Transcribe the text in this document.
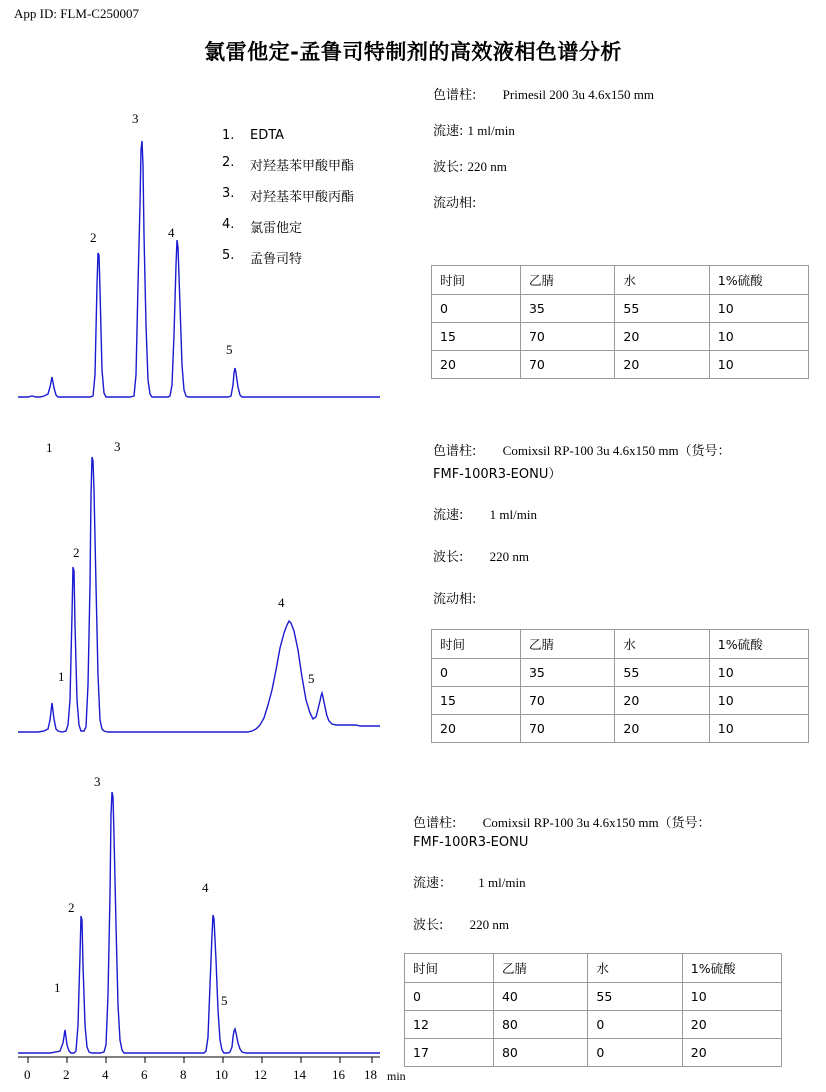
App ID: FLM-C250007
氯雷他定-孟鲁司特制剂的高效液相色谱分析
1.	EDTA
2.	对羟基苯甲酸甲酯
3.	对羟基苯甲酸丙酯
4.	氯雷他定
5.	孟鲁司特
色谱柱: Primesil 200 3u 4.6x150 mm
流速: 1 ml/min
波长: 220 nm
流动相:
时间	乙腈	水	1%硫酸
0	35	55	10
15	70	20	10
20	70	20	10
色谱柱: Comixsil RP-100 3u 4.6x150 mm（货号：
FMF-100R3-EONU）
流速: 1 ml/min
波长: 220 nm
流动相:
时间	乙腈	水	1%硫酸
0	35	55	10
15	70	20	10
20	70	20	10
色谱柱: Comixsil RP-100 3u 4.6x150 mm（货号：
FMF-100R3-EONU
流速： 1 ml/min
波长: 220 nm
时间	乙腈	水	1%硫酸
0	40	55	10
12	80	0	20
17	80	0	20
1
2
3
4
5
1
2
3
4
5
1
2
3
4
5
0	2	4	6	8 10 12 14 16 18 min
